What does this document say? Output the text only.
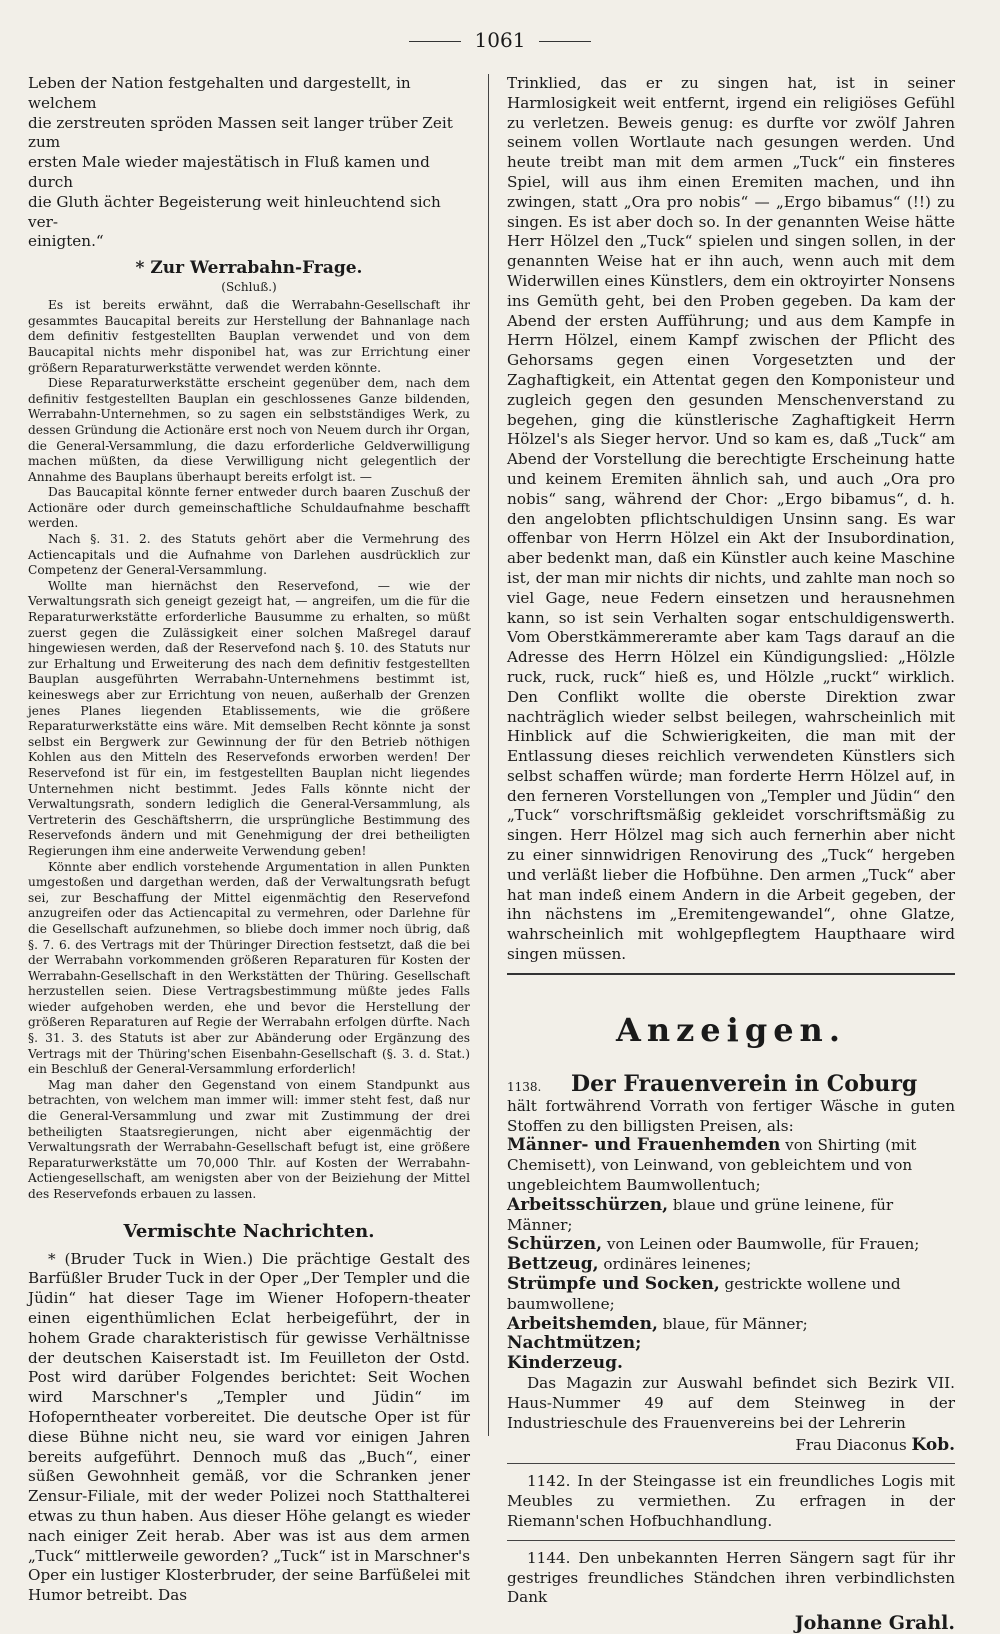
1061
Leben der Nation festgehalten und dargestellt, in welchem
die zerstreuten spröden Massen seit langer trüber Zeit zum
ersten Male wieder majestätisch in Fluß kamen und durch
die Gluth ächter Begeisterung weit hinleuchtend sich ver-
einigten.“
* Zur Werrabahn-Frage.
(Schluß.)

Es ist bereits erwähnt, daß die Werrabahn-Gesellschaft ihr gesammtes Baucapital bereits zur Herstellung der Bahnanlage nach dem definitiv festgestellten Bauplan verwendet und von dem Baucapital nichts mehr disponibel hat, was zur Errichtung einer größern Reparaturwerkstätte verwendet werden könnte.

Diese Reparaturwerkstätte erscheint gegenüber dem, nach dem definitiv festgestellten Bauplan ein geschlossenes Ganze bildenden, Werrabahn-Unternehmen, so zu sagen ein selbstständiges Werk, zu dessen Gründung die Actionäre erst noch von Neuem durch ihr Organ, die General-Versammlung, die dazu erforderliche Geldverwilligung machen müßten, da diese Verwilligung nicht gelegentlich der Annahme des Bauplans überhaupt bereits erfolgt ist. —

Das Baucapital könnte ferner entweder durch baaren Zuschuß der Actionäre oder durch gemeinschaftliche Schuldaufnahme beschafft werden.

Nach §. 31. 2. des Statuts gehört aber die Vermehrung des Actiencapitals und die Aufnahme von Darlehen ausdrücklich zur Competenz der General-Versammlung.

Wollte man hiernächst den Reservefond, — wie der Verwaltungsrath sich geneigt gezeigt hat, — angreifen, um die für die Reparaturwerkstätte erforderliche Bausumme zu erhalten, so müßt zuerst gegen die Zulässigkeit einer solchen Maßregel darauf hingewiesen werden, daß der Reservefond nach §. 10. des Statuts nur zur Erhaltung und Erweiterung des nach dem definitiv festgestellten Bauplan ausgeführten Werrabahn-Unternehmens bestimmt ist, keineswegs aber zur Errichtung von neuen, außerhalb der Grenzen jenes Planes liegenden Etablissements, wie die größere Reparaturwerkstätte eins wäre. Mit demselben Recht könnte ja sonst selbst ein Bergwerk zur Gewinnung der für den Betrieb nöthigen Kohlen aus den Mitteln des Reservefonds erworben werden! Der Reservefond ist für ein, im festgestellten Bauplan nicht liegendes Unternehmen nicht bestimmt. Jedes Falls könnte nicht der Verwaltungsrath, sondern lediglich die General-Versammlung, als Vertreterin des Geschäftsherrn, die ursprüngliche Bestimmung des Reservefonds ändern und mit Genehmigung der drei betheiligten Regierungen ihm eine anderweite Verwendung geben!

Könnte aber endlich vorstehende Argumentation in allen Punkten umgestoßen und dargethan werden, daß der Verwaltungsrath befugt sei, zur Beschaffung der Mittel eigenmächtig den Reservefond anzugreifen oder das Actiencapital zu vermehren, oder Darlehne für die Gesellschaft aufzunehmen, so bliebe doch immer noch übrig, daß §. 7. 6. des Vertrags mit der Thüringer Direction festsetzt, daß die bei der Werrabahn vorkommenden größeren Reparaturen für Kosten der Werrabahn-Gesellschaft in den Werkstätten der Thüring. Gesellschaft herzustellen seien. Diese Vertragsbestimmung müßte jedes Falls wieder aufgehoben werden, ehe und bevor die Herstellung der größeren Reparaturen auf Regie der Werrabahn erfolgen dürfte. Nach §. 31. 3. des Statuts ist aber zur Abänderung oder Ergänzung des Vertrags mit der Thüring'schen Eisenbahn-Gesellschaft (§. 3. d. Stat.) ein Beschluß der General-Versammlung erforderlich!

Mag man daher den Gegenstand von einem Standpunkt aus betrachten, von welchem man immer will: immer steht fest, daß nur die General-Versammlung und zwar mit Zustimmung der drei betheiligten Staatsregierungen, nicht aber eigenmächtig der Verwaltungsrath der Werrabahn-Gesellschaft befugt ist, eine größere Reparaturwerkstätte um 70,000 Thlr. auf Kosten der Werrabahn-Actiengesellschaft, am wenigsten aber von der Beiziehung der Mittel des Reservefonds erbauen zu lassen.

Vermischte Nachrichten.

* (Bruder Tuck in Wien.) Die prächtige Gestalt des Barfüßler Bruder Tuck in der Oper „Der Templer und die Jüdin“ hat dieser Tage im Wiener Hofopern-theater einen eigenthümlichen Eclat herbeigeführt, der in hohem Grade charakteristisch für gewisse Verhältnisse der deutschen Kaiserstadt ist. Im Feuilleton der Ostd. Post wird darüber Folgendes berichtet: Seit Wochen wird Marschner's „Templer und Jüdin“ im Hofoperntheater vorbereitet. Die deutsche Oper ist für diese Bühne nicht neu, sie ward vor einigen Jahren bereits aufgeführt. Dennoch muß das „Buch“, einer süßen Gewohnheit gemäß, vor die Schranken jener Zensur-Filiale, mit der weder Polizei noch Statthalterei etwas zu thun haben. Aus dieser Höhe gelangt es wieder nach einiger Zeit herab. Aber was ist aus dem armen „Tuck“ mittlerweile geworden? „Tuck“ ist in Marschner's Oper ein lustiger Klosterbruder, der seine Barfüßelei mit Humor betreibt. Das

Trinklied, das er zu singen hat, ist in seiner Harmlosigkeit weit entfernt, irgend ein religiöses Gefühl zu verletzen. Beweis genug: es durfte vor zwölf Jahren seinem vollen Wortlaute nach gesungen werden. Und heute treibt man mit dem armen „Tuck“ ein finsteres Spiel, will aus ihm einen Eremiten machen, und ihn zwingen, statt „Ora pro nobis“ — „Ergo bibamus“ (!!) zu singen. Es ist aber doch so. In der genannten Weise hätte Herr Hölzel den „Tuck“ spielen und singen sollen, in der genannten Weise hat er ihn auch, wenn auch mit dem Widerwillen eines Künstlers, dem ein oktroyirter Nonsens ins Gemüth geht, bei den Proben gegeben. Da kam der Abend der ersten Aufführung; und aus dem Kampfe in Herrn Hölzel, einem Kampf zwischen der Pflicht des Gehorsams gegen einen Vorgesetzten und der Zaghaftigkeit, ein Attentat gegen den Komponisteur und zugleich gegen den gesunden Menschenverstand zu begehen, ging die künstlerische Zaghaftigkeit Herrn Hölzel's als Sieger hervor. Und so kam es, daß „Tuck“ am Abend der Vorstellung die berechtigte Erscheinung hatte und keinem Eremiten ähnlich sah, und auch „Ora pro nobis“ sang, während der Chor: „Ergo bibamus“, d. h. den angelobten pflichtschuldigen Unsinn sang. Es war offenbar von Herrn Hölzel ein Akt der Insubordination, aber bedenkt man, daß ein Künstler auch keine Maschine ist, der man mir nichts dir nichts, und zahlte man noch so viel Gage, neue Federn einsetzen und herausnehmen kann, so ist sein Verhalten sogar entschuldigenswerth. Vom Oberstkämmereramte aber kam Tags darauf an die Adresse des Herrn Hölzel ein Kündigungslied: „Hölzle ruck, ruck, ruck“ hieß es, und Hölzle „ruckt“ wirklich. Den Conflikt wollte die oberste Direktion zwar nachträglich wieder selbst beilegen, wahrscheinlich mit Hinblick auf die Schwierigkeiten, die man mit der Entlassung dieses reichlich verwendeten Künstlers sich selbst schaffen würde; man forderte Herrn Hölzel auf, in den ferneren Vorstellungen von „Templer und Jüdin“ den „Tuck“ vorschriftsmäßig gekleidet vorschriftsmäßig zu singen. Herr Hölzel mag sich auch fernerhin aber nicht zu einer sinnwidrigen Renovirung des „Tuck“ hergeben und verläßt lieber die Hofbühne. Den armen „Tuck“ aber hat man indeß einem Andern in die Arbeit gegeben, der ihn nächstens im „Eremitengewandel“, ohne Glatze, wahrscheinlich mit wohlgepflegtem Haupthaare wird singen müssen.

Anzeigen.
1138.	Der Frauenverein in Coburg

hält fortwährend Vorrath von fertiger Wäsche in guten Stoffen zu den billigsten Preisen, als:

Männer- und Frauenhemden von Shirting (mit Chemisett), von Leinwand, von gebleichtem und von ungebleichtem Baumwollentuch;
Arbeitsschürzen, blaue und grüne leinene, für Männer;
Schürzen, von Leinen oder Baumwolle, für Frauen;
Bettzeug, ordinäres leinenes;
Strümpfe und Socken, gestrickte wollene und baumwollene;
Arbeitshemden, blaue, für Männer;
Nachtmützen;
Kinderzeug.

Das Magazin zur Auswahl befindet sich Bezirk VII. Haus-Nummer 49 auf dem Steinweg in der Industrieschule des Frauenvereins bei der Lehrerin

Frau Diaconus Kob.

1142. In der Steingasse ist ein freundliches Logis mit Meubles zu vermiethen. Zu erfragen in der Riemann'schen Hofbuchhandlung.

1144. Den unbekannten Herren Sängern sagt für ihr gestriges freundliches Ständchen ihren verbindlichsten Dank

Johanne Grahl.
